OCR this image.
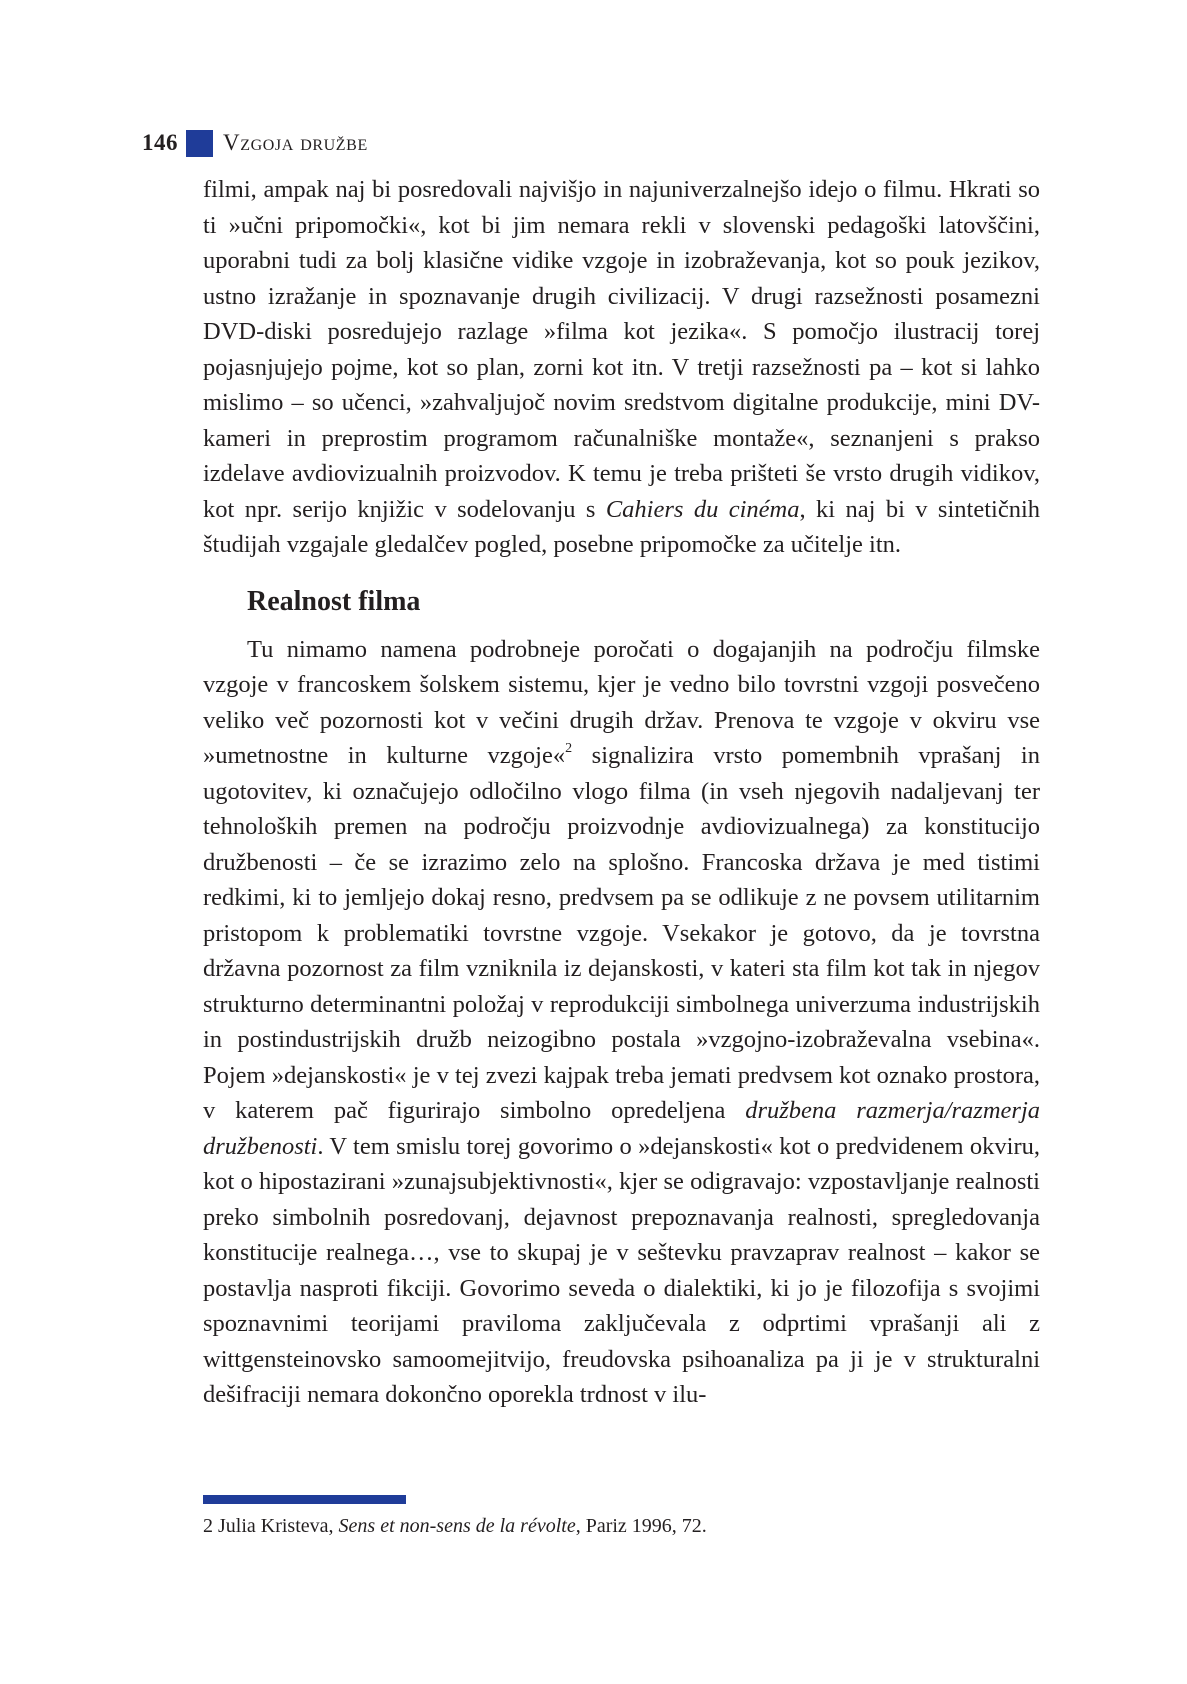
146 Vzgoja družbe

filmi, ampak naj bi posredovali najvišjo in najuniverzalnejšo idejo o filmu. Hkrati so ti »učni pripomočki«, kot bi jim nemara rekli v slovenski pedagoški latovščini, uporabni tudi za bolj klasične vidike vzgoje in izobraževanja, kot so pouk jezikov, ustno izražanje in spoznavanje drugih civilizacij. V drugi razsežnosti posamezni DVD-diski posredujejo razlage »filma kot jezika«. S pomočjo ilustracij torej pojasnjujejo pojme, kot so plan, zorni kot itn. V tretji razsežnosti pa – kot si lahko mislimo – so učenci, »zahvaljujoč novim sredstvom digitalne produkcije, mini DV-kameri in preprostim programom računalniške montaže«, seznanjeni s prakso izdelave avdiovizualnih proizvodov. K temu je treba prišteti še vrsto drugih vidikov, kot npr. serijo knjižic v sodelovanju s Cahiers du cinéma, ki naj bi v sintetičnih študijah vzgajale gledalčev pogled, posebne pripomočke za učitelje itn.

Realnost filma

Tu nimamo namena podrobneje poročati o dogajanjih na področju filmske vzgoje v francoskem šolskem sistemu, kjer je vedno bilo tovrstni vzgoji posvečeno veliko več pozornosti kot v večini drugih držav. Prenova te vzgoje v okviru vse »umetnostne in kulturne vzgoje«$^2$ signalizira vrsto pomembnih vprašanj in ugotovitev, ki označujejo odločilno vlogo filma (in vseh njegovih nadaljevanj ter tehnoloških premen na področju proizvodnje avdiovizualnega) za konstitucijo družbenosti – če se izrazimo zelo na splošno. Francoska država je med tistimi redkimi, ki to jemljejo dokaj resno, predvsem pa se odlikuje z ne povsem utilitarnim pristopom k problematiki tovrstne vzgoje. Vsekakor je gotovo, da je tovrstna državna pozornost za film vzniknila iz dejanskosti, v kateri sta film kot tak in njegov strukturno determinantni položaj v reprodukciji simbolnega univerzuma industrijskih in postindustrijskih družb neizogibno postala »vzgojno-izobraževalna vsebina«. Pojem »dejanskosti« je v tej zvezi kajpak treba jemati predvsem kot oznako prostora, v katerem pač figurirajo simbolno opredeljena družbena razmerja/razmerja družbenosti. V tem smislu torej govorimo o »dejanskosti« kot o predvidenem okviru, kot o hipostazirani »zunajsubjektivnosti«, kjer se odigravajo: vzpostavljanje realnosti preko simbolnih posredovanj, dejavnost prepoznavanja realnosti, spregledovanja konstitucije realnega…, vse to skupaj je v seštevku pravzaprav realnost – kakor se postavlja nasproti fikciji. Govorimo seveda o dialektiki, ki jo je filozofija s svojimi spoznavnimi teorijami praviloma zaključevala z odprtimi vprašanji ali z wittgensteinovsko samoomejitvijo, freudovska psihoanaliza pa ji je v strukturalni dešifraciji nemara dokončno oporekla trdnost v ilu-

2 Julia Kristeva, Sens et non-sens de la révolte, Pariz 1996, 72.
